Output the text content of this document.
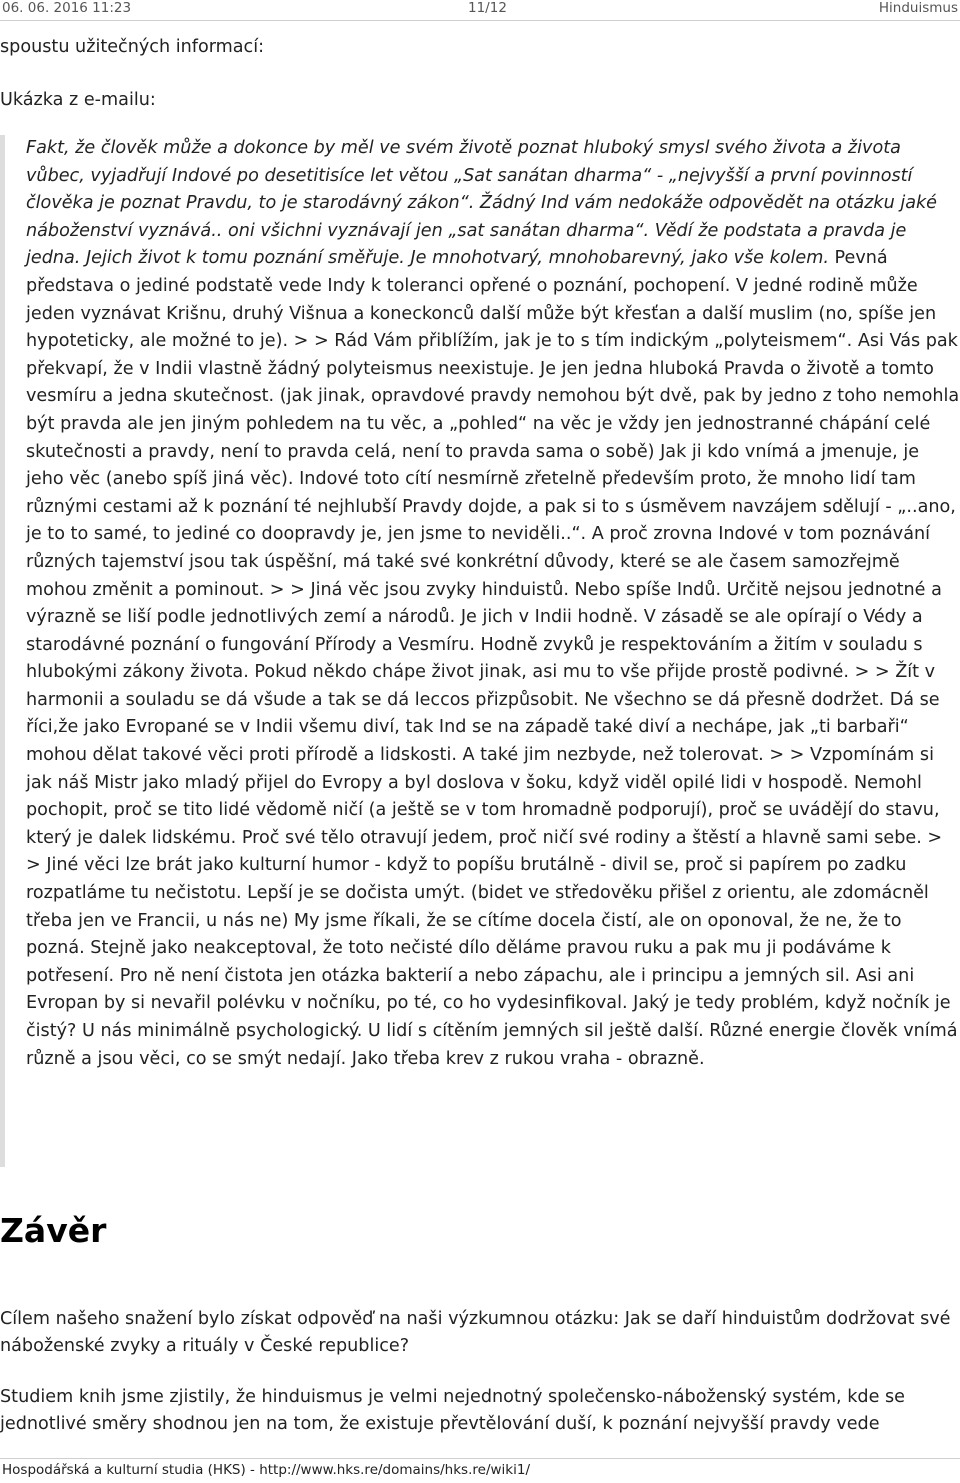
06. 06. 2016 11:23	11/12	Hinduismus

spoustu užitečných informací:

Ukázka z e-mailu:

Fakt, že člověk může a dokonce by měl ve svém životě poznat hluboký smysl svého života a života vůbec, vyjadřují Indové po desetitisíce let větou „Sat sanátan dharma“ - „nejvyšší a první povinností člověka je poznat Pravdu, to je starodávný zákon“. Žádný Ind vám nedokáže odpovědět na otázku jaké náboženství vyznává.. oni všichni vyznávají jen „sat sanátan dharma“. Vědí že podstata a pravda je jedna. Jejich život k tomu poznání směřuje. Je mnohotvarý, mnohobarevný, jako vše kolem. Pevná představa o jediné podstatě vede Indy k toleranci opřené o poznání, pochopení. V jedné rodině může jeden vyznávat Krišnu, druhý Višnua a koneckonců další může být křesťan a další muslim (no, spíše jen hypoteticky, ale možné to je). > > Rád Vám přiblížím, jak je to s tím indickým „polyteismem“. Asi Vás pak překvapí, že v Indii vlastně žádný polyteismus neexistuje. Je jen jedna hluboká Pravda o životě a tomto vesmíru a jedna skutečnost. (jak jinak, opravdové pravdy nemohou být dvě, pak by jedno z toho nemohla být pravda ale jen jiným pohledem na tu věc, a „pohled“ na věc je vždy jen jednostranné chápání celé skutečnosti a pravdy, není to pravda celá, není to pravda sama o sobě) Jak ji kdo vnímá a jmenuje, je jeho věc (anebo spíš jiná věc). Indové toto cítí nesmírně zřetelně především proto, že mnoho lidí tam různými cestami až k poznání té nejhlubší Pravdy dojde, a pak si to s úsměvem navzájem sdělují - „..ano, je to to samé, to jediné co doopravdy je, jen jsme to neviděli..“. A proč zrovna Indové v tom poznávání různých tajemství jsou tak úspěšní, má také své konkrétní důvody, které se ale časem samozřejmě mohou změnit a pominout. > > Jiná věc jsou zvyky hinduistů. Nebo spíše Indů. Určitě nejsou jednotné a výrazně se liší podle jednotlivých zemí a národů. Je jich v Indii hodně. V zásadě se ale opírají o Védy a starodávné poznání o fungování Přírody a Vesmíru. Hodně zvyků je respektováním a žitím v souladu s hlubokými zákony života. Pokud někdo chápe život jinak, asi mu to vše přijde prostě podivné. > > Žít v harmonii a souladu se dá všude a tak se dá leccos přizpůsobit. Ne všechno se dá přesně dodržet. Dá se říci,že jako Evropané se v Indii všemu diví, tak Ind se na západě také diví a nechápe, jak „ti barbaři“ mohou dělat takové věci proti přírodě a lidskosti. A také jim nezbyde, než tolerovat. > > Vzpomínám si jak náš Mistr jako mladý přijel do Evropy a byl doslova v šoku, když viděl opilé lidi v hospodě. Nemohl pochopit, proč se tito lidé vědomě ničí (a ještě se v tom hromadně podporují), proč se uvádějí do stavu, který je dalek lidskému. Proč své tělo otravují jedem, proč ničí své rodiny a štěstí a hlavně sami sebe. > > Jiné věci lze brát jako kulturní humor - když to popíšu brutálně - divil se, proč si papírem po zadku rozpatláme tu nečistotu. Lepší je se dočista umýt. (bidet ve středověku přišel z orientu, ale zdomácněl třeba jen ve Francii, u nás ne) My jsme říkali, že se cítíme docela čistí, ale on oponoval, že ne, že to pozná. Stejně jako neakceptoval, že toto nečisté dílo děláme pravou ruku a pak mu ji podáváme k potřesení. Pro ně není čistota jen otázka bakterií a nebo zápachu, ale i principu a jemných sil. Asi ani Evropan by si nevařil polévku v nočníku, po té, co ho vydesinfikoval. Jaký je tedy problém, když nočník je čistý? U nás minimálně psychologický. U lidí s cítěním jemných sil ještě další. Různé energie člověk vnímá různě a jsou věci, co se smýt nedají. Jako třeba krev z rukou vraha - obrazně.

Závěr

Cílem našeho snažení bylo získat odpověď na naši výzkumnou otázku: Jak se daří hinduistům dodržovat své náboženské zvyky a rituály v České republice?

Studiem knih jsme zjistily, že hinduismus je velmi nejednotný společensko-náboženský systém, kde se jednotlivé směry shodnou jen na tom, že existuje převtělování duší, k poznání nejvyšší pravdy vede

Hospodářská a kulturní studia (HKS) - http://www.hks.re/domains/hks.re/wiki1/
